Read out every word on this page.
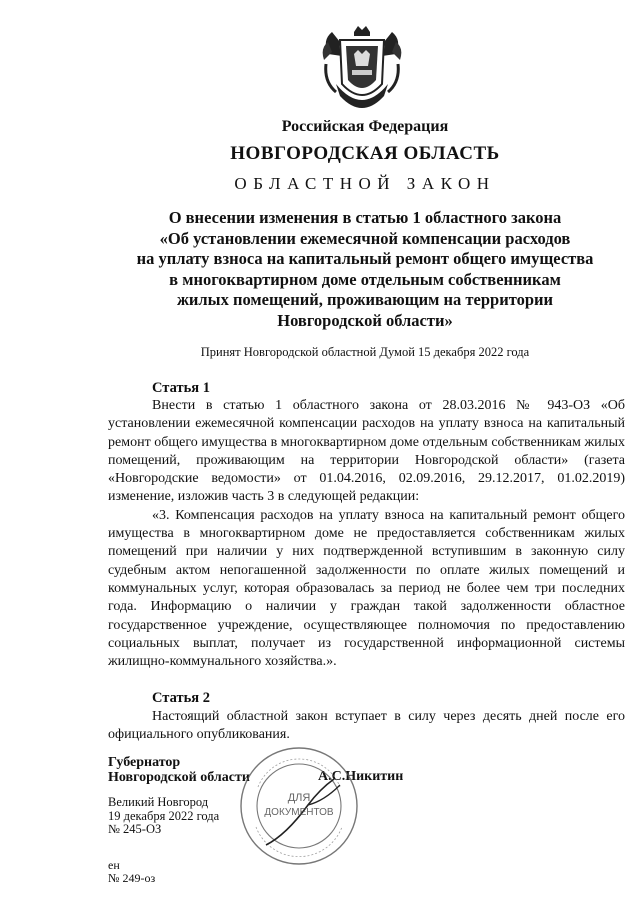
Российская Федерация
НОВГОРОДСКАЯ ОБЛАСТЬ
ОБЛАСТНОЙ ЗАКОН
О внесении изменения в статью 1 областного закона
«Об установлении ежемесячной компенсации расходов
на уплату взноса на капитальный ремонт общего имущества
в многоквартирном доме отдельным собственникам
жилых помещений, проживающим на территории
Новгородской области»
Принят Новгородской областной Думой 15 декабря 2022 года
Статья 1

Внести в статью 1 областного закона от 28.03.2016 № 943-ОЗ «Об установлении ежемесячной компенсации расходов на уплату взноса на капитальный ремонт общего имущества в многоквартирном доме отдельным собственникам жилых помещений, проживающим на территории Новгородской области» (газета «Новгородские ведомости» от 01.04.2016, 02.09.2016, 29.12.2017, 01.02.2019) изменение, изложив часть 3 в следующей редакции:

«3. Компенсация расходов на уплату взноса на капитальный ремонт общего имущества в многоквартирном доме не предоставляется собственникам жилых помещений при наличии у них подтвержденной вступившим в законную силу судебным актом непогашенной задолженности по оплате жилых помещений и коммунальных услуг, которая образовалась за период не более чем три последних года. Информацию о наличии у граждан такой задолженности областное государственное учреждение, осуществляющее полномочия по предоставлению социальных выплат, получает из государственной информационной системы жилищно-коммунального хозяйства.».

Статья 2

Настоящий областной закон вступает в силу через десять дней после его официального опубликования.

Губернатор
Новгородской области	А.С.Никитин
Великий Новгород
19 декабря 2022 года
№ 245-ОЗ
ен
№ 249-оз
ДЛЯ
ДОКУМЕНТОВ
